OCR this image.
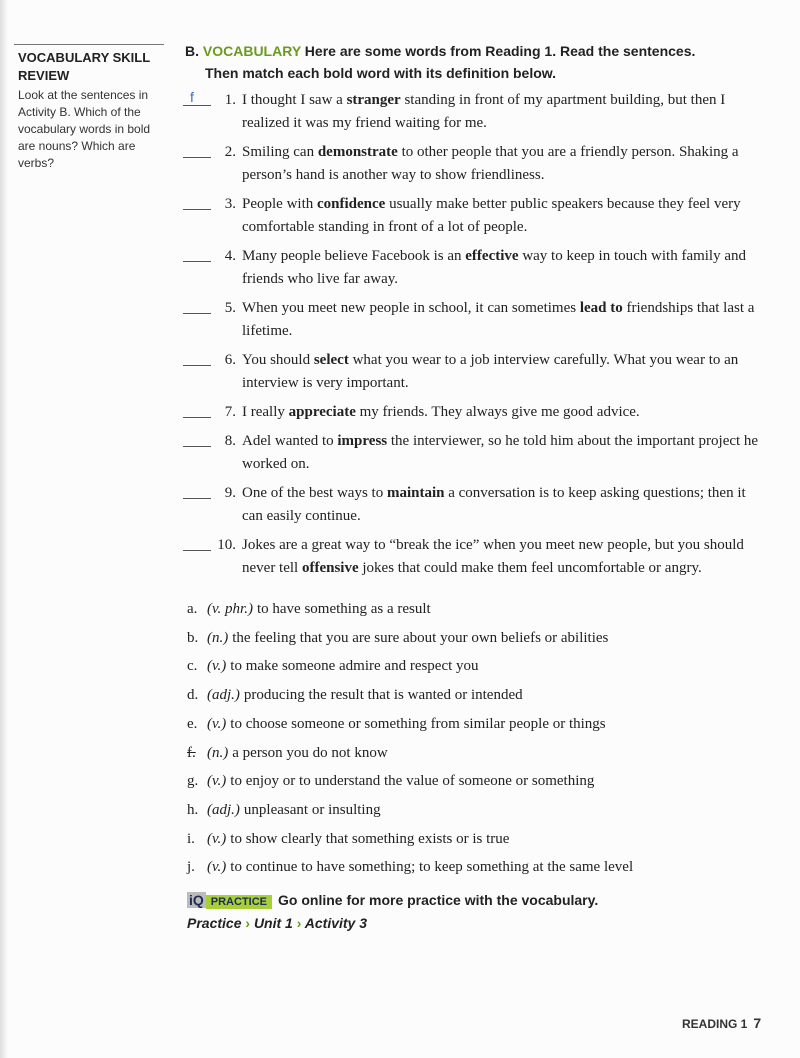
VOCABULARY SKILL REVIEW
Look at the sentences in Activity B. Which of the vocabulary words in bold are nouns? Which are verbs?
B. VOCABULARY Here are some words from Reading 1. Read the sentences.
Then match each bold word with its definition below.
f	1. I thought I saw a stranger standing in front of my apartment building, but then I realized it was my friend waiting for me.
2. Smiling can demonstrate to other people that you are a friendly person. Shaking a person’s hand is another way to show friendliness.
3. People with confidence usually make better public speakers because they feel very comfortable standing in front of a lot of people.
4. Many people believe Facebook is an effective way to keep in touch with family and friends who live far away.
5. When you meet new people in school, it can sometimes lead to friendships that last a lifetime.
6. You should select what you wear to a job interview carefully. What you wear to an interview is very important.
7. I really appreciate my friends. They always give me good advice.
8. Adel wanted to impress the interviewer, so he told him about the important project he worked on.
9. One of the best ways to maintain a conversation is to keep asking questions; then it can easily continue.
10. Jokes are a great way to “break the ice” when you meet new people, but you should never tell offensive jokes that could make them feel uncomfortable or angry.
a. (v. phr.) to have something as a result
b. (n.) the feeling that you are sure about your own beliefs or abilities
c. (v.) to make someone admire and respect you
d. (adj.) producing the result that is wanted or intended
e. (v.) to choose someone or something from similar people or things
f. (n.) a person you do not know
g. (v.) to enjoy or to understand the value of someone or something
h. (adj.) unpleasant or insulting
i. (v.) to show clearly that something exists or is true
j. (v.) to continue to have something; to keep something at the same level
iQ PRACTICE Go online for more practice with the vocabulary.
Practice › Unit 1 › Activity 3
READING 1 7
